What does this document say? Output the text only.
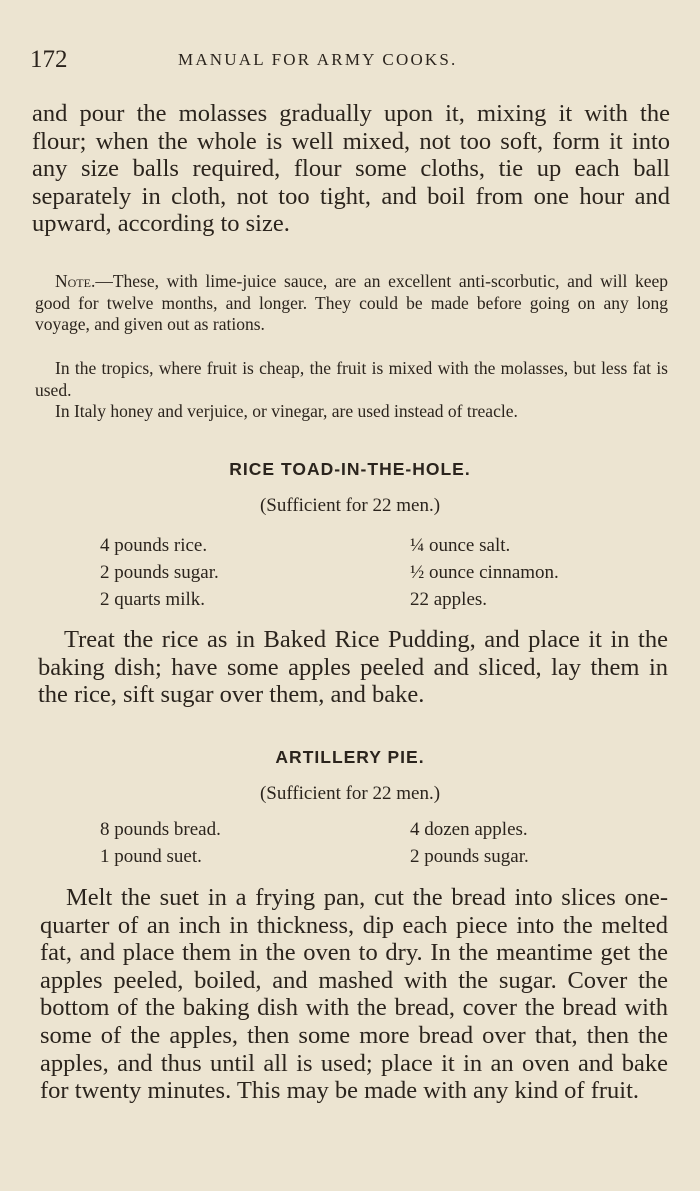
172	MANUAL FOR ARMY COOKS.

and pour the molasses gradually upon it, mixing it with the flour; when the whole is well mixed, not too soft, form it into any size balls required, flour some cloths, tie up each ball separately in cloth, not too tight, and boil from one hour and upward, according to size.

Note.—These, with lime-juice sauce, are an excellent anti-scorbutic, and will keep good for twelve months, and longer. They could be made before going on any long voyage, and given out as rations.

In the tropics, where fruit is cheap, the fruit is mixed with the molasses, but less fat is used.

In Italy honey and verjuice, or vinegar, are used instead of treacle.

RICE TOAD-IN-THE-HOLE.
(Sufficient for 22 men.)
4 pounds rice.	¼ ounce salt.
2 pounds sugar.	½ ounce cinnamon.
2 quarts milk.	22 apples.

Treat the rice as in Baked Rice Pudding, and place it in the baking dish; have some apples peeled and sliced, lay them in the rice, sift sugar over them, and bake.

ARTILLERY PIE.
(Sufficient for 22 men.)
8 pounds bread.	4 dozen apples.
1 pound suet.	2 pounds sugar.

Melt the suet in a frying pan, cut the bread into slices one-quarter of an inch in thickness, dip each piece into the melted fat, and place them in the oven to dry. In the meantime get the apples peeled, boiled, and mashed with the sugar. Cover the bottom of the baking dish with the bread, cover the bread with some of the apples, then some more bread over that, then the apples, and thus until all is used; place it in an oven and bake for twenty minutes. This may be made with any kind of fruit.
